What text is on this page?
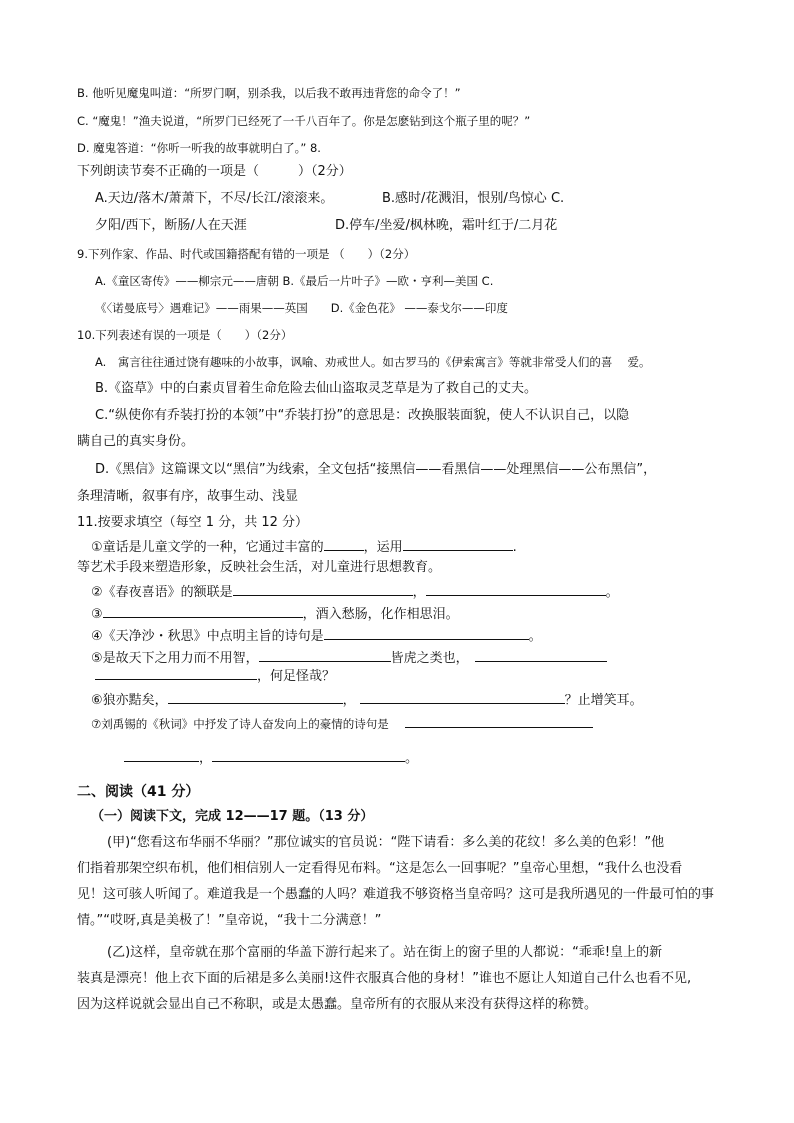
B. 他听见魔鬼叫道：“所罗门啊，别杀我，以后我不敢再违背您的命令了！”
C. “魔鬼！”渔夫说道，“所罗门已经死了一千八百年了。你是怎麽钻到这个瓶子里的呢？”
D. 魔鬼答道：“你听一听我的故事就明白了。” 8.
下列朗读节奏不正确的一项是（　　　）（2分）
A.天边/落木/萧萧下，不尽/长江/滚滚来。	B.感时/花溅泪，恨别/鸟惊心 C.
夕阳/西下，断肠/人在天涯	D.停车/坐爱/枫林晚，霜叶红于/二月花
9.下列作家、作品、时代或国籍搭配有错的一项是 （　　）（2分）
A.《童区寄传》——柳宗元——唐朝 B.《最后一片叶子》—欧・亨利—美国 C.
《〈诺曼底号〉遇难记》——雨果——英国　　D.《金色花》 ——泰戈尔——印度
10.下列表述有误的一项是（　　）（2分）
A.　寓言往往通过饶有趣味的小故事，讽喻、劝戒世人。如古罗马的《伊索寓言》等就非常受人们的喜　 爱。
B.《盗草》中的白素贞冒着生命危险去仙山盗取灵芝草是为了救自己的丈夫。
C.“纵使你有乔装打扮的本领”中“乔装打扮”的意思是：改换服装面貌，使人不认识自己，以隐
瞒自己的真实身份。
D.《黑信》这篇课文以“黑信”为线索，全文包括“接黑信——看黑信——处理黑信——公布黑信”，
条理清晰，叙事有序，故事生动、浅显
11.按要求填空（每空 1 分，共 12 分）
①童话是儿童文学的一种，它通过丰富的	，运用	.
等艺术手段来塑造形象，反映社会生活，对儿童进行思想教育。
②《春夜喜语》的额联是	，	。
③	，酒入愁肠，化作相思泪。
④《天净沙・秋思》中点明主旨的诗句是	。
⑤是故天下之用力而不用智，	皆虎之类也，
，何足怪哉？
⑥狼亦黠矣，	，	？止增笑耳。
⑦刘禹锡的《秋词》中抒发了诗人奋发向上的豪情的诗句是
，	。
二、阅读（41 分）
（一）阅读下文，完成 12——17 题。（13 分）
(甲)“您看这布华丽不华丽？”那位诚实的官员说：“陛下请看：多么美的花纹！多么美的色彩！”他
们指着那架空织布机，他们相信别人一定看得见布料。“这是怎么一回事呢？”皇帝心里想，“我什么也没看
见！这可骇人听闻了。难道我是一个愚蠢的人吗？难道我不够资格当皇帝吗？这可是我所遇见的一件最可怕的事
情。”“哎呀,真是美极了！”皇帝说，“我十二分满意！”
(乙)这样，皇帝就在那个富丽的华盖下游行起来了。站在街上的窗子里的人都说：“乖乖!皇上的新
装真是漂亮！他上衣下面的后裙是多么美丽!这件衣服真合他的身材！”谁也不愿让人知道自己什么也看不见,
因为这样说就会显出自己不称职，或是太愚蠢。皇帝所有的衣服从来没有获得这样的称赞。
